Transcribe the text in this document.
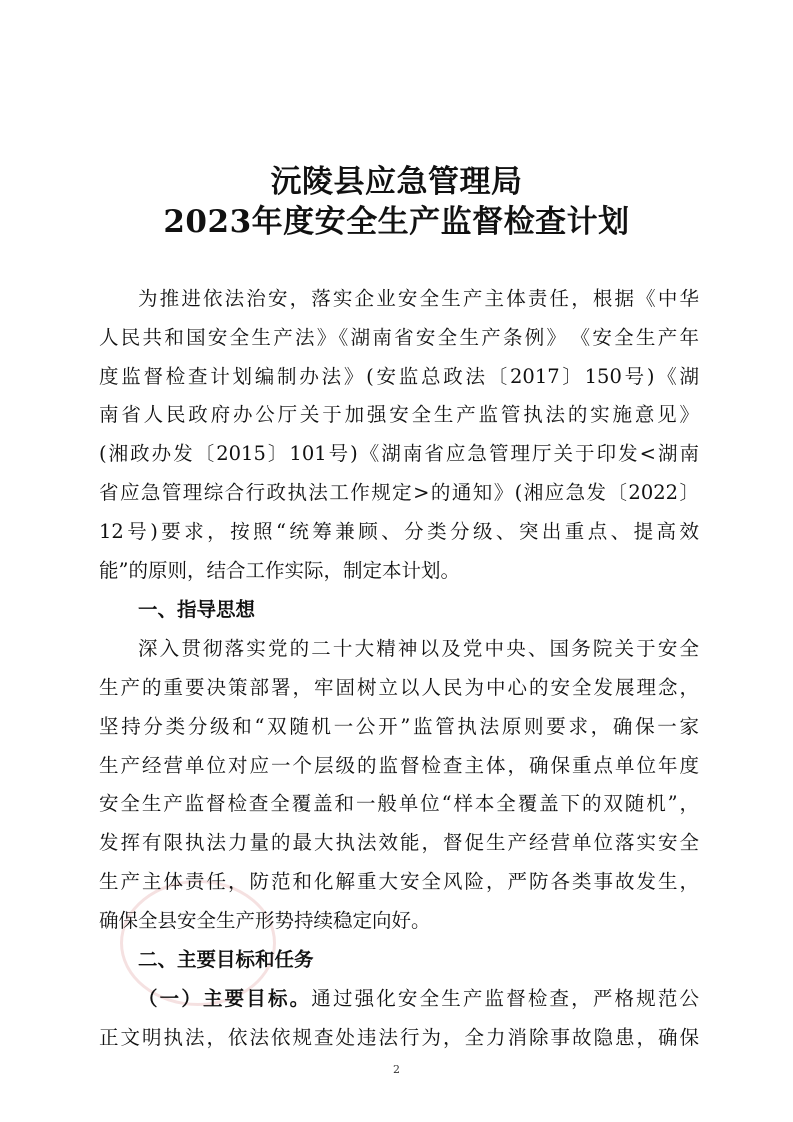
沅陵县应急管理局
2023年度安全生产监督检查计划
为推进依法治安，落实企业安全生产主体责任，根据《中华
人民共和国安全生产法》《湖南省安全生产条例》　《安全生产年
度监督检查计划编制办法》(安监总政法〔2017〕150号)《湖
南省人民政府办公厅关于加强安全生产监管执法的实施意见》
(湘政办发〔2015〕101号)《湖南省应急管理厅关于印发<湖南
省应急管理综合行政执法工作规定>的通知》(湘应急发〔2022〕
12号)要求，按照“统筹兼顾、分类分级、突出重点、提高效
能”的原则，结合工作实际，制定本计划。
一、指导思想
深入贯彻落实党的二十大精神以及党中央、国务院关于安全
生产的重要决策部署，牢固树立以人民为中心的安全发展理念，
坚持分类分级和“双随机一公开”监管执法原则要求，确保一家
生产经营单位对应一个层级的监督检查主体，确保重点单位年度
安全生产监督检查全覆盖和一般单位“样本全覆盖下的双随机”，
发挥有限执法力量的最大执法效能，督促生产经营单位落实安全
生产主体责任，防范和化解重大安全风险，严防各类事故发生，
确保全县安全生产形势持续稳定向好。
二、主要目标和任务
（一）主要目标。通过强化安全生产监督检查，严格规范公
正文明执法，依法依规查处违法行为，全力消除事故隐患，确保
2
